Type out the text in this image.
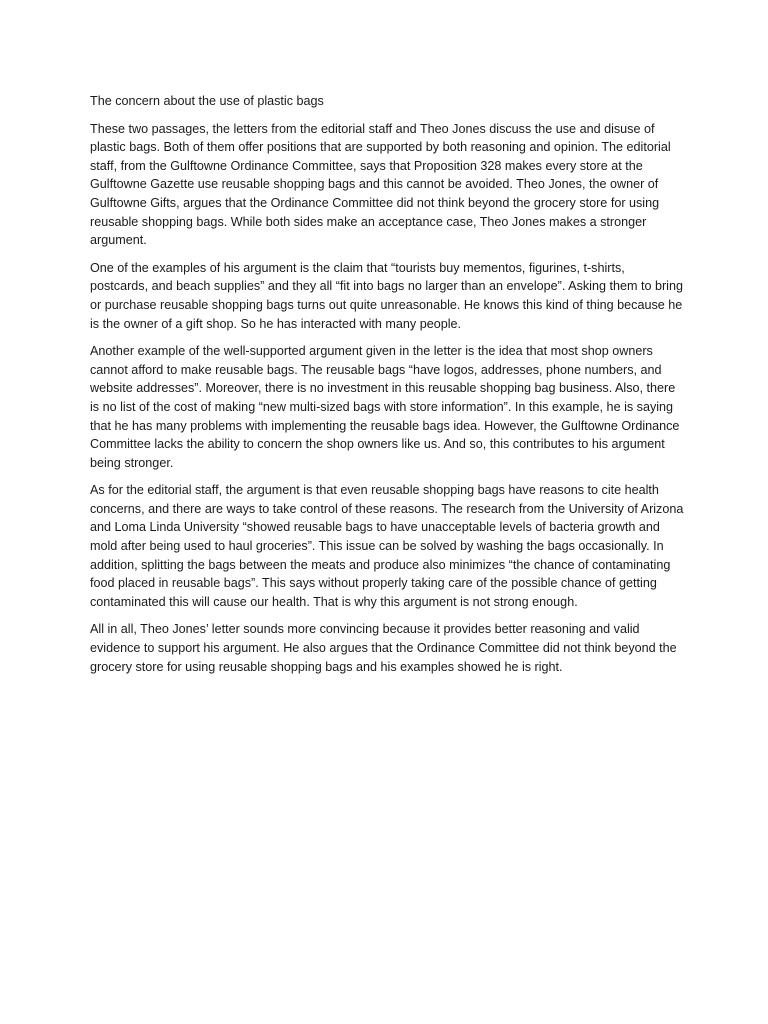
The concern about the use of plastic bags

These two passages, the letters from the editorial staff and Theo Jones discuss the use and disuse of plastic bags. Both of them offer positions that are supported by both reasoning and opinion. The editorial staff, from the Gulftowne Ordinance Committee, says that Proposition 328 makes every store at the Gulftowne Gazette use reusable shopping bags and this cannot be avoided. Theo Jones, the owner of Gulftowne Gifts, argues that the Ordinance Committee did not think beyond the grocery store for using reusable shopping bags. While both sides make an acceptance case, Theo Jones makes a stronger argument.

One of the examples of his argument is the claim that “tourists buy mementos, figurines, t-shirts, postcards, and beach supplies” and they all “fit into bags no larger than an envelope”. Asking them to bring or purchase reusable shopping bags turns out quite unreasonable. He knows this kind of thing because he is the owner of a gift shop. So he has interacted with many people.

Another example of the well-supported argument given in the letter is the idea that most shop owners cannot afford to make reusable bags. The reusable bags “have logos, addresses, phone numbers, and website addresses”. Moreover, there is no investment in this reusable shopping bag business. Also, there is no list of the cost of making “new multi-sized bags with store information”. In this example, he is saying that he has many problems with implementing the reusable bags idea. However, the Gulftowne Ordinance Committee lacks the ability to concern the shop owners like us. And so, this contributes to his argument being stronger.

As for the editorial staff, the argument is that even reusable shopping bags have reasons to cite health concerns, and there are ways to take control of these reasons. The research from the University of Arizona and Loma Linda University “showed reusable bags to have unacceptable levels of bacteria growth and mold after being used to haul groceries”. This issue can be solved by washing the bags occasionally. In addition, splitting the bags between the meats and produce also minimizes “the chance of contaminating food placed in reusable bags”. This says without properly taking care of the possible chance of getting contaminated this will cause our health. That is why this argument is not strong enough.

All in all, Theo Jones’ letter sounds more convincing because it provides better reasoning and valid evidence to support his argument. He also argues that the Ordinance Committee did not think beyond the grocery store for using reusable shopping bags and his examples showed he is right.
